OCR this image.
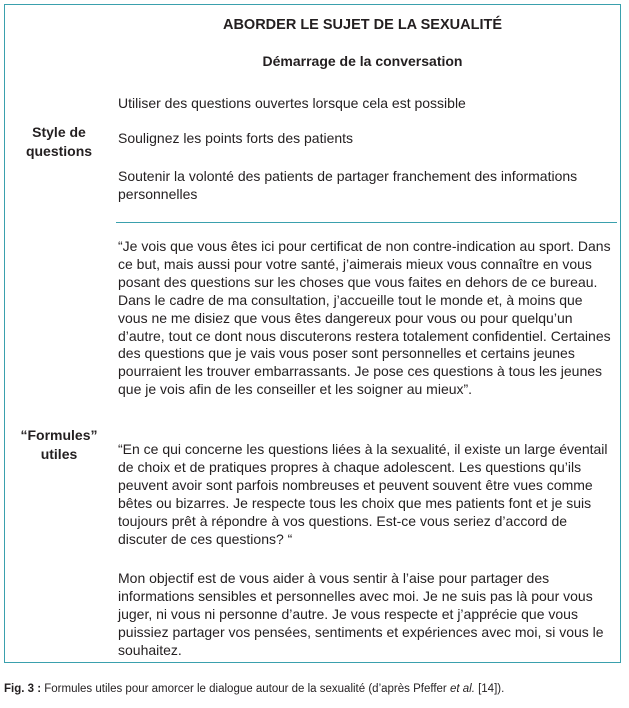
ABORDER LE SUJET DE LA SEXUALITÉ
Démarrage de la conversation
Style de
questions
Utiliser des questions ouvertes lorsque cela est possible
Soulignez les points forts des patients
Soutenir la volonté des patients de partager franchement des informations personnelles
“Formules”
utiles
“Je vois que vous êtes ici pour certificat de non contre-indication au sport. Dans ce but, mais aussi pour votre santé, j’aimerais mieux vous connaître en vous posant des questions sur les choses que vous faites en dehors de ce bureau. Dans le cadre de ma consultation, j’accueille tout le monde et, à moins que vous ne me disiez que vous êtes dangereux pour vous ou pour quelqu’un d’autre, tout ce dont nous discuterons restera totalement confidentiel. Certaines des questions que je vais vous poser sont personnelles et certains jeunes pourraient les trouver embarrassants. Je pose ces questions à tous les jeunes que je vois afin de les conseiller et les soigner au mieux”.
“En ce qui concerne les questions liées à la sexualité, il existe un large éventail de choix et de pratiques propres à chaque adolescent. Les questions qu’ils peuvent avoir sont parfois nombreuses et peuvent souvent être vues comme bêtes ou bizarres. Je respecte tous les choix que mes patients font et je suis toujours prêt à répondre à vos questions. Est-ce vous seriez d’accord de discuter de ces questions? “
Mon objectif est de vous aider à vous sentir à l’aise pour partager des informations sensibles et personnelles avec moi. Je ne suis pas là pour vous juger, ni vous ni personne d’autre. Je vous respecte et j’apprécie que vous puissiez partager vos pensées, sentiments et expériences avec moi, si vous le souhaitez.
Fig. 3 : Formules utiles pour amorcer le dialogue autour de la sexualité (d’après Pfeffer et al. [14]).
